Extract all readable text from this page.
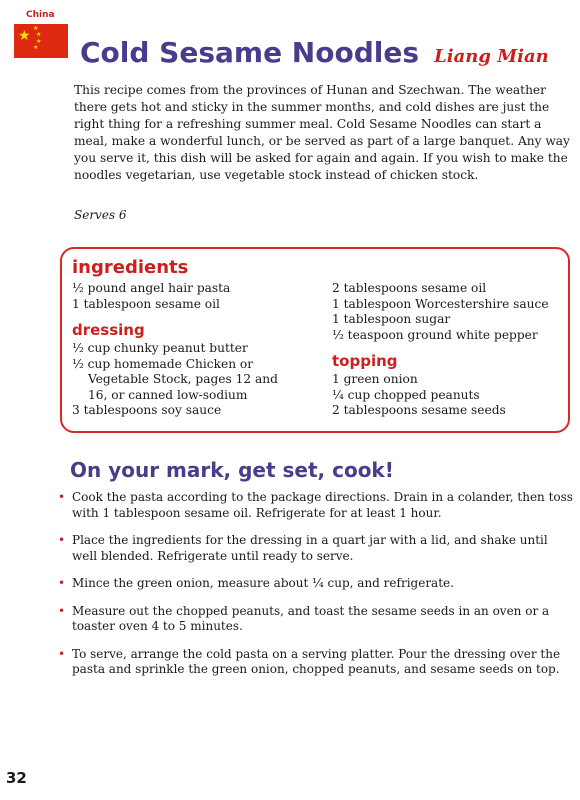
China
★ ★
★
★
★ Cold Sesame Noodles Liang Mian

This recipe comes from the provinces of Hunan and Szechwan. The weather there gets hot and sticky in the summer months, and cold dishes are just the right thing for a refreshing summer meal. Cold Sesame Noodles can start a meal, make a wonderful lunch, or be served as part of a large banquet. Any way you serve it, this dish will be asked for again and again. If you wish to make the noodles vegetarian, use vegetable stock instead of chicken stock.

Serves 6
ingredients
½ pound angel hair pasta
1 tablespoon sesame oil
dressing
½ cup chunky peanut butter
½ cup homemade Chicken or
Vegetable Stock, pages 12 and
16, or canned low-sodium
3 tablespoons soy sauce
2 tablespoons sesame oil
1 tablespoon Worcestershire sauce
1 tablespoon sugar
½ teaspoon ground white pepper
topping
1 green onion
¼ cup chopped peanuts
2 tablespoons sesame seeds
On your mark, get set, cook!
• Cook the pasta according to the package directions. Drain in a colander, then toss with 1 tablespoon sesame oil. Refrigerate for at least 1 hour.
• Place the ingredients for the dressing in a quart jar with a lid, and shake until well blended. Refrigerate until ready to serve.
• Mince the green onion, measure about ¼ cup, and refrigerate.
• Measure out the chopped peanuts, and toast the sesame seeds in an oven or a toaster oven 4 to 5 minutes.
• To serve, arrange the cold pasta on a serving platter. Pour the dressing over the pasta and sprinkle the green onion, chopped peanuts, and sesame seeds on top.
32
